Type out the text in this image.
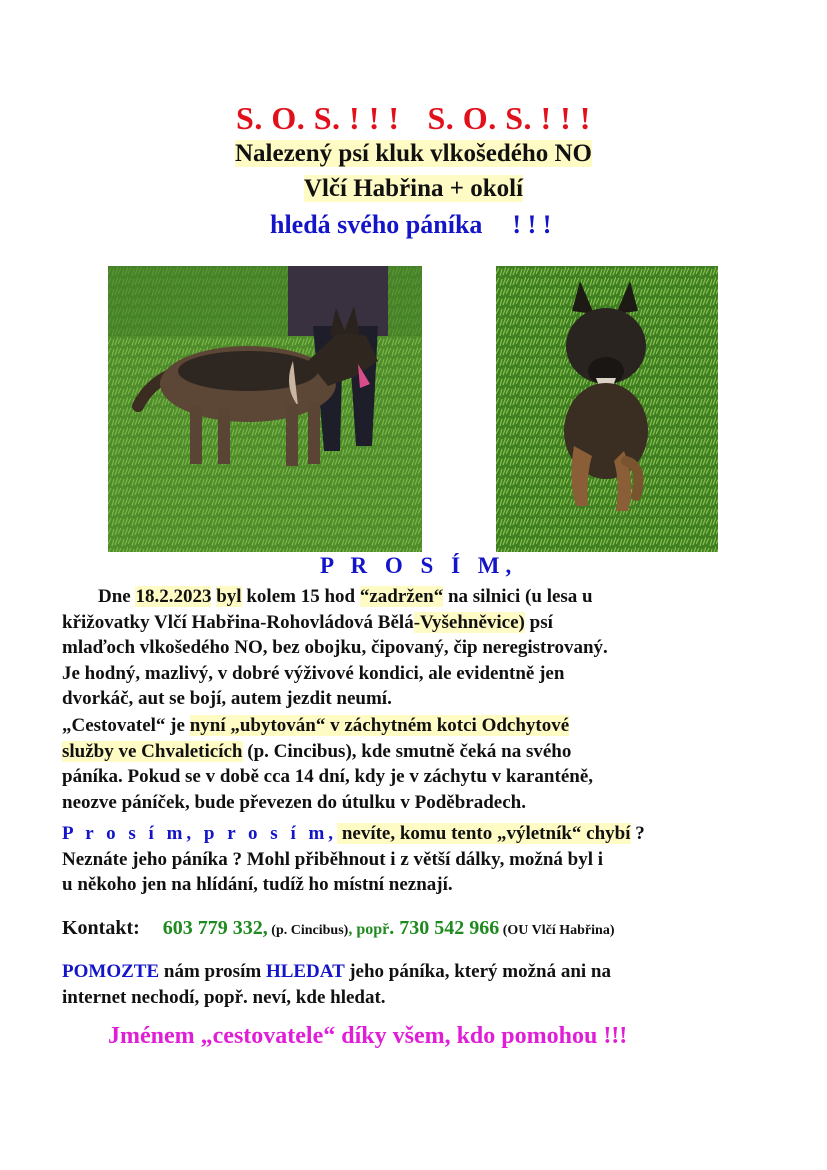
S. O. S. ! ! ! S. O. S. ! ! !
Nalezený psí kluk vlkošedého NO
Vlčí Habřina + okolí
hledá svého páníka ! ! !
P R O S Í M,
Dne 18.2.2023 byl kolem 15 hod “zadržen“ na silnici (u lesa u
křižovatky Vlčí Habřina-Rohovládová Bělá-Vyšehněvice) psí
mlaďoch vlkošedého NO, bez obojku, čipovaný, čip neregistrovaný.
Je hodný, mazlivý, v dobré výživové kondici, ale evidentně jen
dvorkáč, aut se bojí, autem jezdit neumí.
„Cestovatel“ je nyní „ubytován“ v záchytném kotci Odchytové
služby ve Chvaleticích (p. Cincibus), kde smutně čeká na svého
páníka. Pokud se v době cca 14 dní, kdy je v záchytu v karanténě,
neozve páníček, bude převezen do útulku v Poděbradech.
P r o s í m, p r o s í m, nevíte, komu tento „výletník“ chybí ?
Neznáte jeho páníka ? Mohl přiběhnout i z větší dálky, možná byl i
u někoho jen na hlídání, tudíž ho místní neznají.
Kontakt: 603 779 332, (p. Cincibus), popř. 730 542 966 (OU Vlčí Habřina)
POMOZTE nám prosím HLEDAT jeho páníka, který možná ani na
internet nechodí, popř. neví, kde hledat.
Jménem „cestovatele“ díky všem, kdo pomohou !!!
